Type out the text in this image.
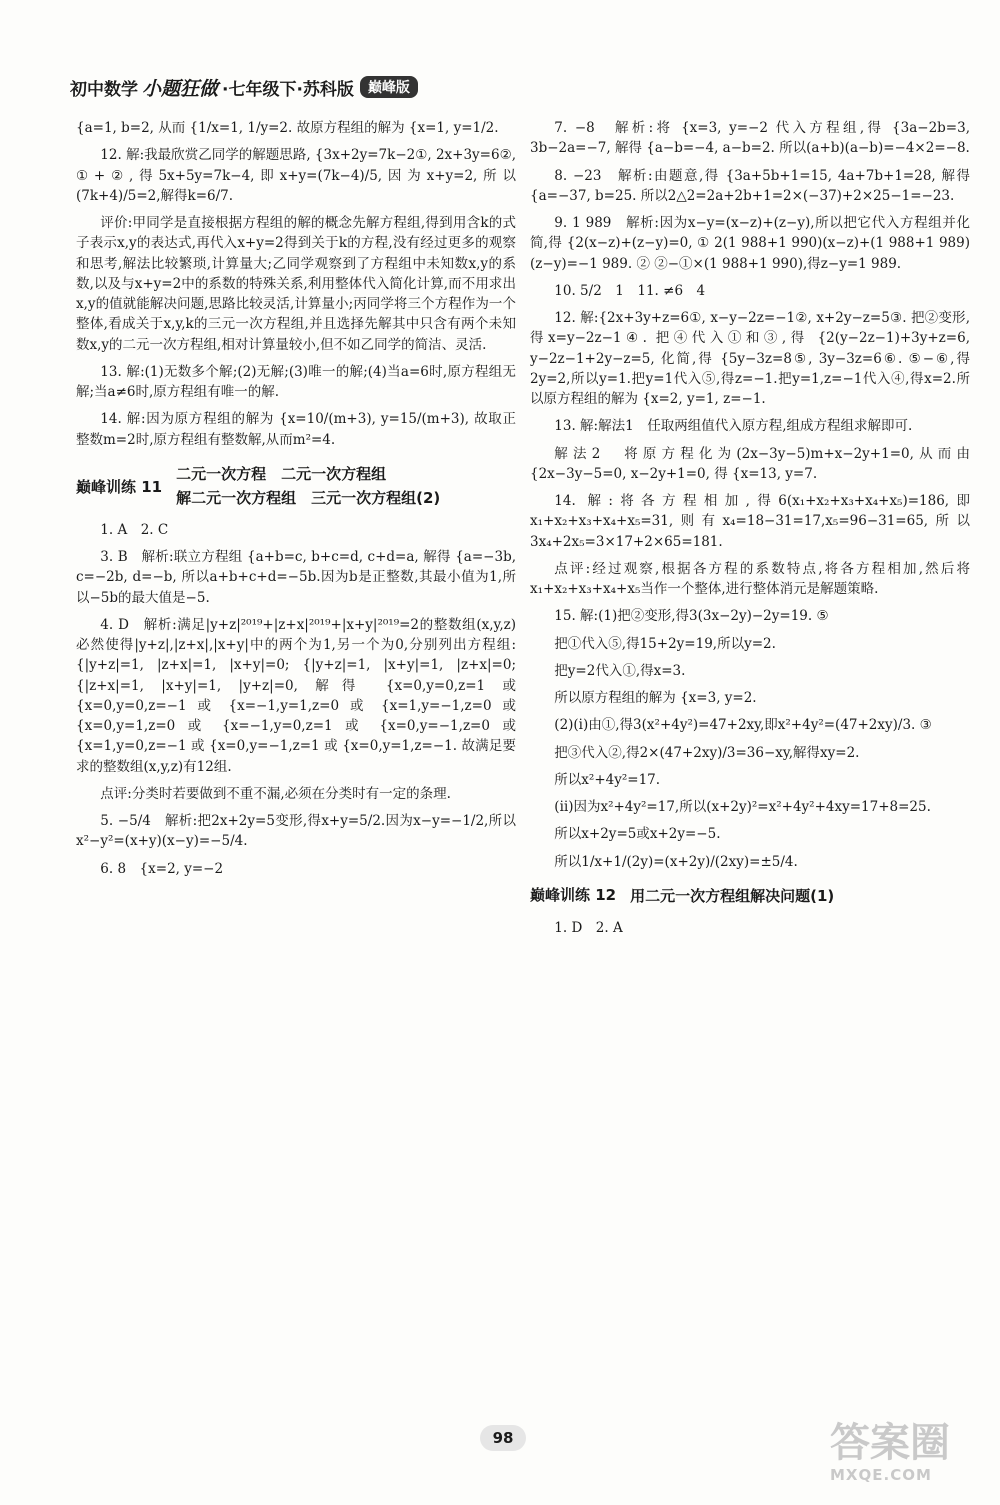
初中数学 小题狂做 ·七年级下·苏科版	巅峰版

{a=1, b=2, 从而 {1/x=1, 1/y=2. 故原方程组的解为 {x=1, y=1/2.

12. 解:我最欣赏乙同学的解题思路, {3x+2y=7k−2①, 2x+3y=6②, ①+②,得5x+5y=7k−4,即x+y=(7k−4)/5,因为x+y=2,所以(7k+4)/5=2,解得k=6/7.

评价:甲同学是直接根据方程组的解的概念先解方程组,得到用含k的式子表示x,y的表达式,再代入x+y=2得到关于k的方程,没有经过更多的观察和思考,解法比较繁琐,计算量大;乙同学观察到了方程组中未知数x,y的系数,以及与x+y=2中的系数的特殊关系,利用整体代入简化计算,而不用求出x,y的值就能解决问题,思路比较灵活,计算量小;丙同学将三个方程作为一个整体,看成关于x,y,k的三元一次方程组,并且选择先解其中只含有两个未知数x,y的二元一次方程组,相对计算量较小,但不如乙同学的简洁、灵活.

13. 解:(1)无数多个解;(2)无解;(3)唯一的解;(4)当a=6时,原方程组无解;当a≠6时,原方程组有唯一的解.

14. 解:因为原方程组的解为 {x=10/(m+3), y=15/(m+3), 故取正整数m=2时,原方程组有整数解,从而m²=4.

巅峰训练 11
二元一次方程　二元一次方程组
解二元一次方程组　三元一次方程组(2)

1. A　2. C

3. B　解析:联立方程组 {a+b=c, b+c=d, c+d=a, 解得 {a=−3b, c=−2b, d=−b, 所以a+b+c+d=−5b.因为b是正整数,其最小值为1,所以−5b的最大值是−5.

4. D　解析:满足|y+z|²⁰¹⁹+|z+x|²⁰¹⁹+|x+y|²⁰¹⁹=2的整数组(x,y,z)必然使得|y+z|,|z+x|,|x+y|中的两个为1,另一个为0,分别列出方程组:{|y+z|=1, |z+x|=1, |x+y|=0; {|y+z|=1, |x+y|=1, |z+x|=0; {|z+x|=1, |x+y|=1, |y+z|=0, 解得 {x=0,y=0,z=1 或 {x=0,y=0,z=−1 或 {x=−1,y=1,z=0 或 {x=1,y=−1,z=0 或 {x=0,y=1,z=0 或 {x=−1,y=0,z=1 或 {x=0,y=−1,z=0 或 {x=1,y=0,z=−1 或 {x=0,y=−1,z=1 或 {x=0,y=1,z=−1. 故满足要求的整数组(x,y,z)有12组.

点评:分类时若要做到不重不漏,必须在分类时有一定的条理.

5. −5/4　解析:把2x+2y=5变形,得x+y=5/2.因为x−y=−1/2,所以x²−y²=(x+y)(x−y)=−5/4.

6. 8　{x=2, y=−2

7. −8　解析:将 {x=3, y=−2 代入方程组,得 {3a−2b=3, 3b−2a=−7, 解得 {a−b=−4, a−b=2. 所以(a+b)(a−b)=−4×2=−8.

8. −23　解析:由题意,得 {3a+5b+1=15, 4a+7b+1=28, 解得 {a=−37, b=25. 所以2△2=2a+2b+1=2×(−37)+2×25−1=−23.

9. 1 989　解析:因为x−y=(x−z)+(z−y),所以把它代入方程组并化简,得 {2(x−z)+(z−y)=0, ① 2(1 988+1 990)(x−z)+(1 988+1 989)(z−y)=−1 989. ② ②−①×(1 988+1 990),得z−y=1 989.

10. 5/2　1　11. ≠6　4

12. 解:{2x+3y+z=6①, x−y−2z=−1②, x+2y−z=5③. 把②变形,得x=y−2z−1④. 把④代入①和③,得 {2(y−2z−1)+3y+z=6, y−2z−1+2y−z=5, 化简,得 {5y−3z=8⑤, 3y−3z=6⑥. ⑤−⑥,得2y=2,所以y=1.把y=1代入⑤,得z=−1.把y=1,z=−1代入④,得x=2.所以原方程组的解为 {x=2, y=1, z=−1.

13. 解:解法1　任取两组值代入原方程,组成方程组求解即可.

解法2　将原方程化为(2x−3y−5)m+x−2y+1=0,从而由 {2x−3y−5=0, x−2y+1=0, 得 {x=13, y=7.

14. 解:将各方程相加,得6(x₁+x₂+x₃+x₄+x₅)=186,即x₁+x₂+x₃+x₄+x₅=31,则有x₄=18−31=17,x₅=96−31=65,所以3x₄+2x₅=3×17+2×65=181.

点评:经过观察,根据各方程的系数特点,将各方程相加,然后将x₁+x₂+x₃+x₄+x₅当作一个整体,进行整体消元是解题策略.

15. 解:(1)把②变形,得3(3x−2y)−2y=19. ⑤

把①代入⑤,得15+2y=19,所以y=2.

把y=2代入①,得x=3.

所以原方程组的解为 {x=3, y=2.

(2)(ⅰ)由①,得3(x²+4y²)=47+2xy,即x²+4y²=(47+2xy)/3. ③

把③代入②,得2×(47+2xy)/3=36−xy,解得xy=2.

所以x²+4y²=17.

(ⅱ)因为x²+4y²=17,所以(x+2y)²=x²+4y²+4xy=17+8=25.

所以x+2y=5或x+2y=−5.

所以1/x+1/(2y)=(x+2y)/(2xy)=±5/4.

巅峰训练 12 用二元一次方程组解决问题(1)

1. D　2. A

98	答案圈
MXQE.COM
